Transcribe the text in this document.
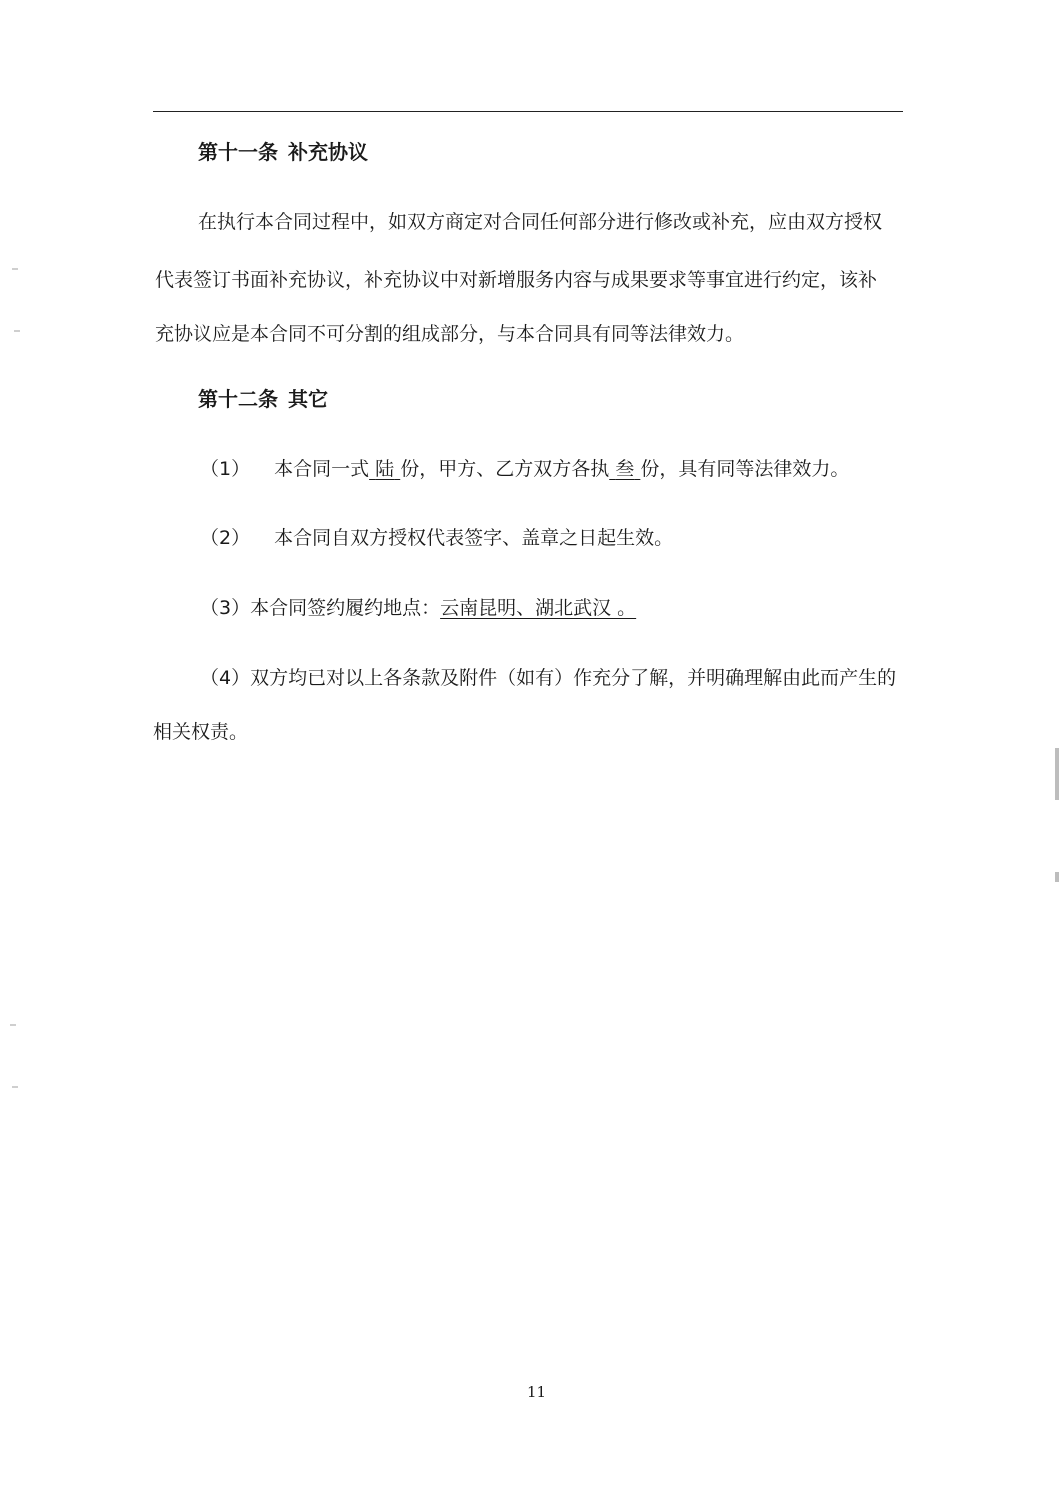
第十一条 补充协议
在执行本合同过程中，如双方商定对合同任何部分进行修改或补充，应由双方授权
代表签订书面补充协议，补充协议中对新增服务内容与成果要求等事宜进行约定，该补
充协议应是本合同不可分割的组成部分，与本合同具有同等法律效力。
第十二条 其它
（1） 本合同一式 陆 份，甲方、乙方双方各执 叁 份，具有同等法律效力。
（2） 本合同自双方授权代表签字、盖章之日起生效。
（3）本合同签约履约地点：云南昆明、湖北武汉 。
（4）双方均已对以上各条款及附件（如有）作充分了解，并明确理解由此而产生的
相关权责。
11
